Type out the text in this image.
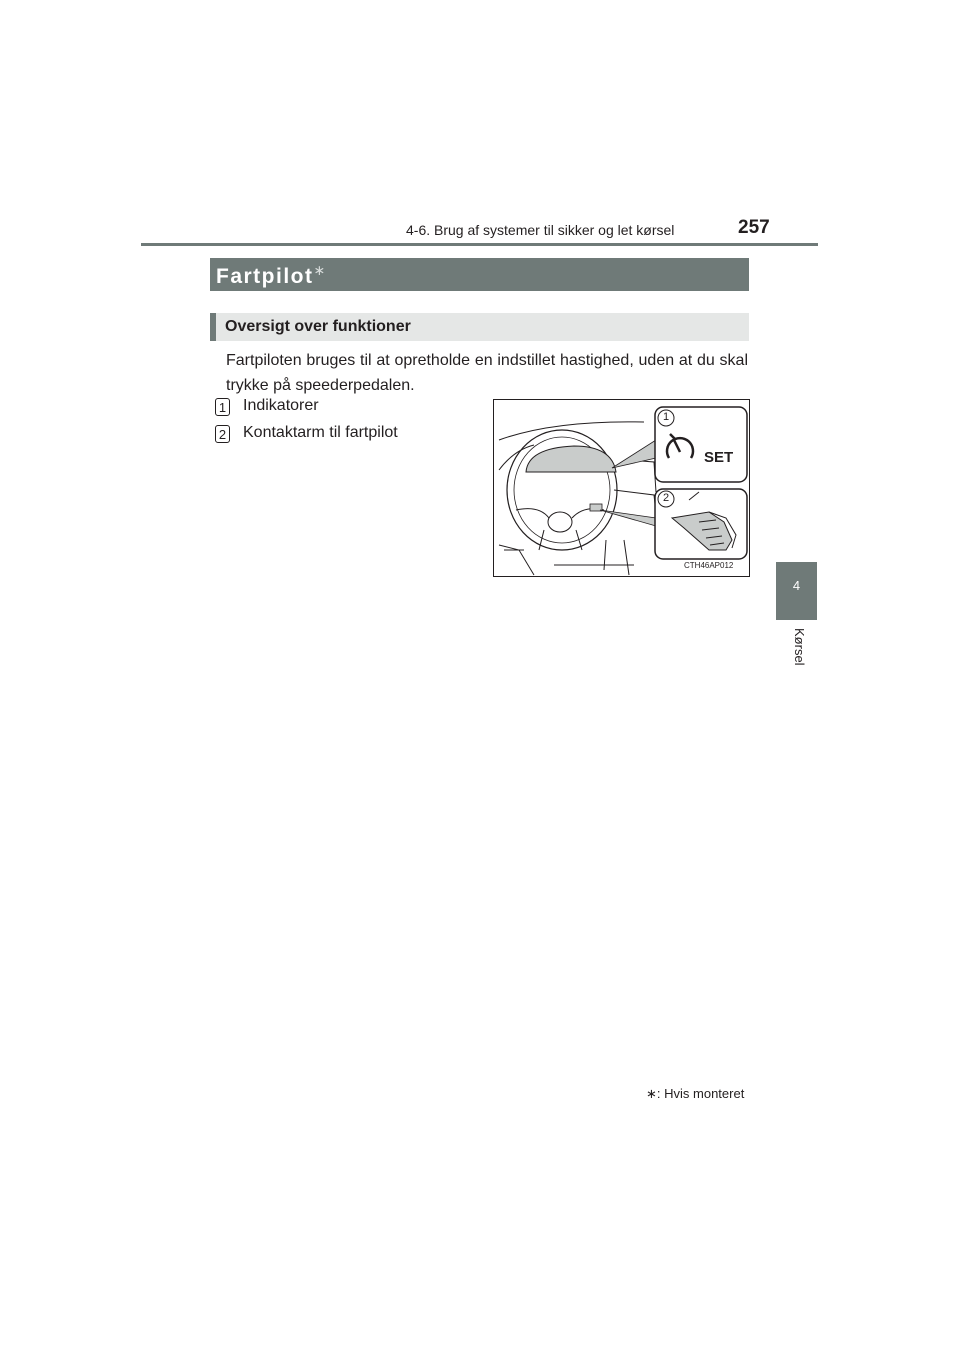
4-6. Brug af systemer til sikker og let kørsel	257
4
Kørsel
Fartpilot∗
Oversigt over funktioner
Fartpiloten bruges til at opretholde en indstillet hastighed, uden at du skal trykke på speederpedalen.
1 Indikatorer
2 Kontaktarm til fartpilot
1
2
SET
CTH46AP012
∗: Hvis monteret
